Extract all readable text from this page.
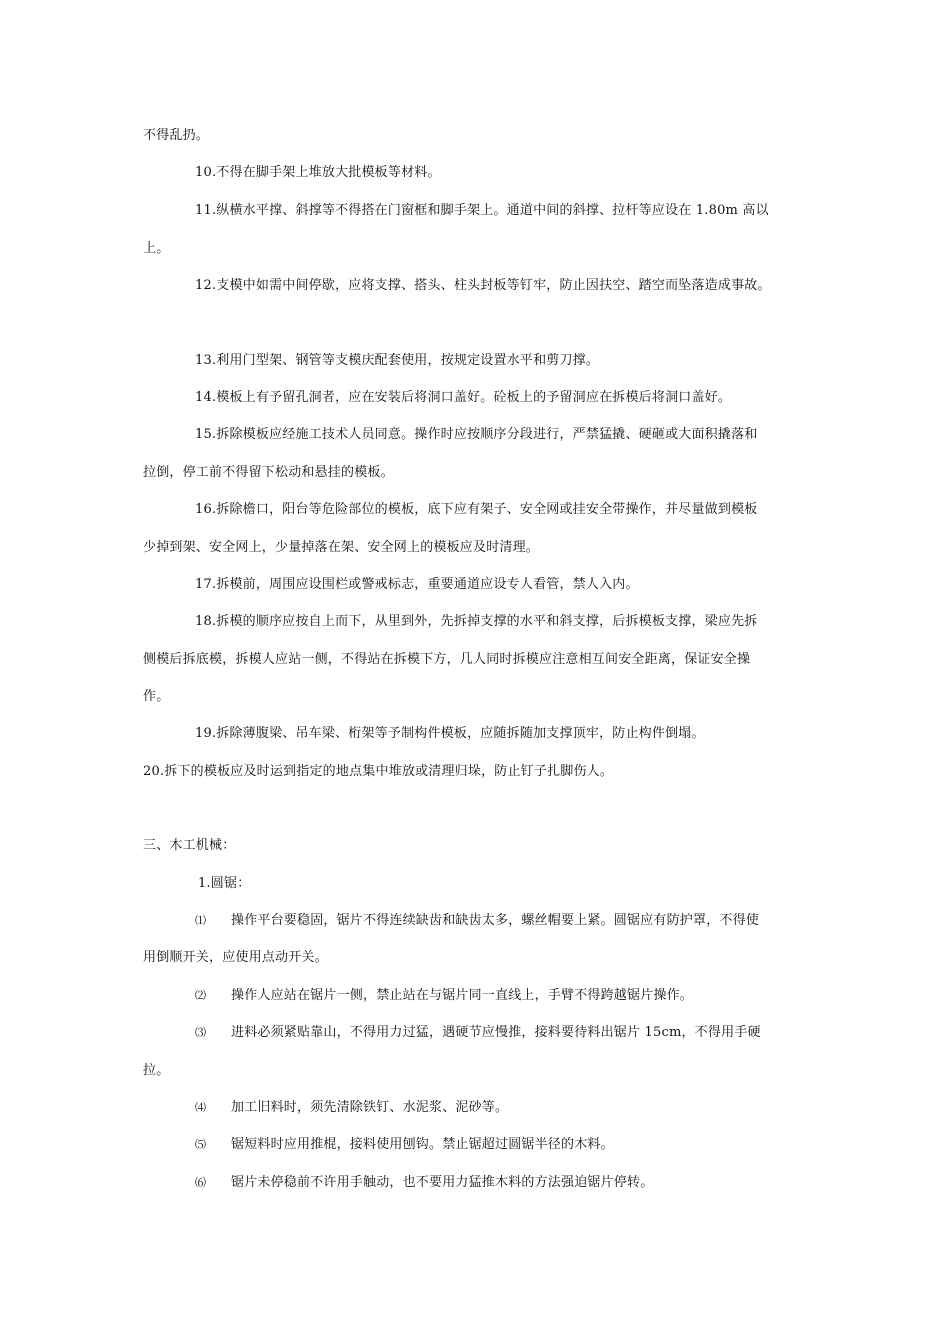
不得乱扔。
10.不得在脚手架上堆放大批模板等材料。
11.纵横水平撑、斜撑等不得搭在门窗框和脚手架上。通道中间的斜撑、拉杆等应设在 1.80m 高以
上。
12.支模中如需中间停歇，应将支撑、搭头、柱头封板等钉牢，防止因扶空、踏空而坠落造成事故。
13.利用门型架、钢管等支模庆配套使用，按规定设置水平和剪刀撑。
14.模板上有予留孔洞者，应在安装后将洞口盖好。砼板上的予留洞应在拆模后将洞口盖好。
15.拆除模板应经施工技术人员同意。操作时应按顺序分段进行，严禁猛撬、硬砸或大面积撬落和
拉倒，停工前不得留下松动和悬挂的模板。
16.拆除檐口，阳台等危险部位的模板，底下应有架子、安全网或挂安全带操作，并尽量做到模板
少掉到架、安全网上，少量掉落在架、安全网上的模板应及时清理。
17.拆模前，周围应设围栏或警戒标志，重要通道应设专人看管，禁人入内。
18.拆模的顺序应按自上而下，从里到外，先拆掉支撑的水平和斜支撑，后拆模板支撑，梁应先拆
侧模后拆底模，拆模人应站一侧，不得站在拆模下方，几人同时拆模应注意相互间安全距离，保证安全操
作。
19.拆除薄腹梁、吊车梁、桁架等予制构件模板，应随拆随加支撑顶牢，防止构件倒塌。
20.拆下的模板应及时运到指定的地点集中堆放或清理归垛，防止钉子扎脚伤人。
三、木工机械：
1.圆锯：
⑴ 操作平台要稳固，锯片不得连续缺齿和缺齿太多，螺丝帽要上紧。圆锯应有防护罩，不得使
用倒顺开关，应使用点动开关。
⑵ 操作人应站在锯片一侧，禁止站在与锯片同一直线上，手臂不得跨越锯片操作。
⑶ 进料必须紧贴靠山，不得用力过猛，遇硬节应慢推，接料要待料出锯片 15cm，不得用手硬
拉。
⑷ 加工旧料时，须先清除铁钉、水泥浆、泥砂等。
⑸ 锯短料时应用推棍，接料使用刨钩。禁止锯超过圆锯半径的木料。
⑹ 锯片未停稳前不许用手触动，也不要用力猛推木料的方法强迫锯片停转。
